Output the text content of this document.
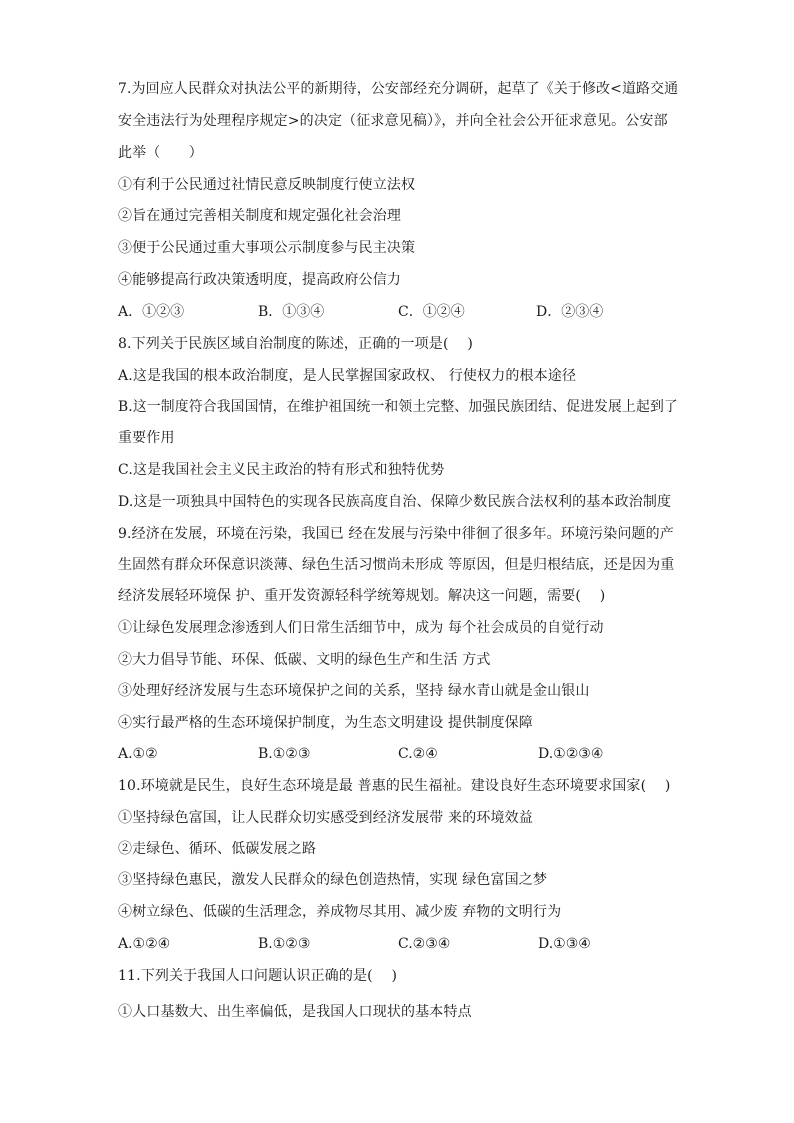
7.为回应人民群众对执法公平的新期待，公安部经充分调研，起草了《关于修改<道路交通
安全违法行为处理程序规定>的决定（征求意见稿）》，并向全社会公开征求意见。公安部
此举（　　）
①有利于公民通过社情民意反映制度行使立法权
②旨在通过完善相关制度和规定强化社会治理
③便于公民通过重大事项公示制度参与民主决策
④能够提高行政决策透明度，提高政府公信力
A．①②③	B．①③④	C．①②④	D．②③④
8.下列关于民族区域自治制度的陈述，正确的一项是(　 )
A.这是我国的根本政治制度，是人民掌握国家政权、 行使权力的根本途径
B.这一制度符合我国国情，在维护祖国统一和领土完整、加强民族团结、促进发展上起到了
重要作用
C.这是我国社会主义民主政治的特有形式和独特优势
D.这是一项独具中国特色的实现各民族高度自治、保障少数民族合法权利的基本政治制度
9.经济在发展，环境在污染，我国已 经在发展与污染中徘徊了很多年。环境污染问题的产
生固然有群众环保意识淡薄、绿色生活习惯尚未形成 等原因，但是归根结底，还是因为重
经济发展轻环境保 护、重开发资源轻科学统筹规划。解决这一问题，需要(　 )
①让绿色发展理念渗透到人们日常生活细节中，成为 每个社会成员的自觉行动
②大力倡导节能、环保、低碳、文明的绿色生产和生活 方式
③处理好经济发展与生态环境保护之间的关系，坚持 绿水青山就是金山银山
④实行最严格的生态环境保护制度，为生态文明建设 提供制度保障
A.①②	B.①②③	C.②④	D.①②③④
10.环境就是民生，良好生态环境是最 普惠的民生福祉。建设良好生态环境要求国家(　 )
①坚持绿色富国，让人民群众切实感受到经济发展带 来的环境效益
②走绿色、循环、低碳发展之路
③坚持绿色惠民，激发人民群众的绿色创造热情，实现 绿色富国之梦
④树立绿色、低碳的生活理念，养成物尽其用、减少废 弃物的文明行为
A.①②④	B.①②③	C.②③④	D.①③④
11.下列关于我国人口问题认识正确的是(　 )
①人口基数大、出生率偏低，是我国人口现状的基本特点
